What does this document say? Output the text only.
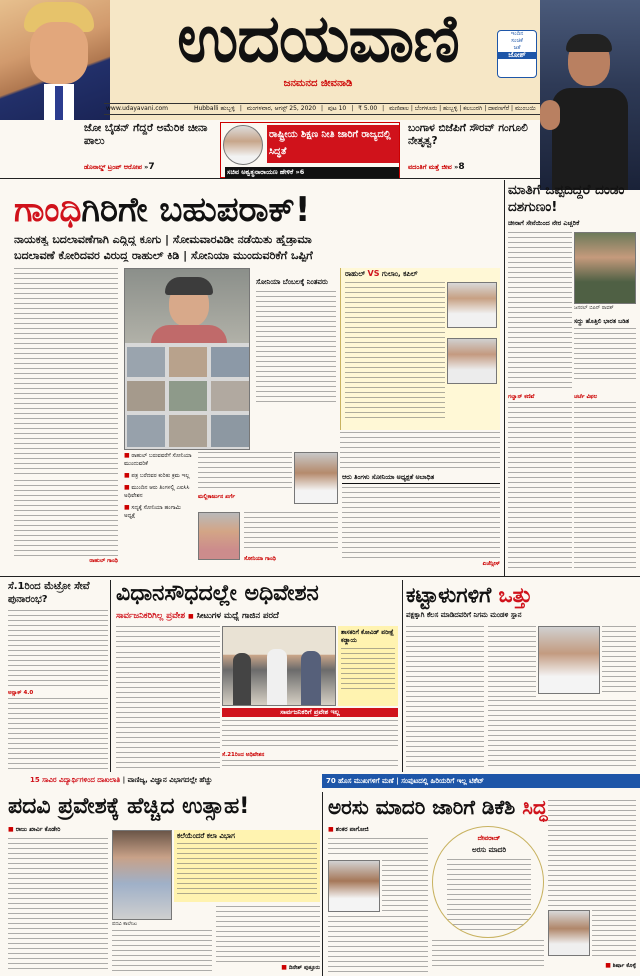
ಉದಯವಾಣಿ
ಜನಮನದ ಜೀವನಾಡಿ
ಇಂದಿನ
ಸಂಚಿಕೆ
ಜತೆ
ಜೋಶ್
www.udayavani.com	Hubballi ಹುಬ್ಬಳ್ಳಿ | ಮಂಗಳವಾರ, ಆಗಸ್ಟ್ 25, 2020 | ಪುಟ 10 | ₹ 5.00 | ಮಣಿಪಾಲ | ಬೆಂಗಳೂರು | ಹುಬ್ಬಳ್ಳಿ | ಕಲಬುರಗಿ | ದಾವಣಗೆರೆ | ಮುಂಬಯಿ
ಜೋ ಬೈಡನ್ ಗೆದ್ದರೆ ಅಮೆರಿಕ ಚೀನಾ ಪಾಲು
ಡೊನಾಲ್ಡ್ ಟ್ರಂಪ್ ಆರೋಪ »7
ರಾಷ್ಟ್ರೀಯ ಶಿಕ್ಷಣ ನೀತಿ ಜಾರಿಗೆ ರಾಜ್ಯದಲ್ಲಿ ಸಿದ್ಧತೆ
ಸಚಿವ ಅಶ್ವತ್ಥನಾರಾಯಣ ಹೇಳಿಕೆ »6
ಬಂಗಾಳ ಬಿಜೆಪಿಗೆ ಸೌರವ್ ಗಂಗೂಲಿ ನೇತೃತ್ವ?
ವದಂತಿಗೆ ಮತ್ತೆ ಜೀವ »8
ಗಾಂಧಿಗಿರಿಗೇ ಬಹುಪರಾಕ್!
ನಾಯಕತ್ವ ಬದಲಾವಣೆಗಾಗಿ ಎದ್ದಿದ್ದ ಕೂಗು | ಸೋಮವಾರವಿಡೀ ನಡೆಯಿತು ಹೈಡ್ರಾಮಾ
ಬದಲಾವಣೆ ಕೋರಿದವರ ವಿರುದ್ಧ ರಾಹುಲ್ ಕಿಡಿ | ಸೋನಿಯಾ ಮುಂದುವರಿಕೆಗೆ ಒಪ್ಪಿಗೆ
ಸೋನಿಯಾ ಬೆಂಬಲಕ್ಕೆ ನಿಂತವರು
ರಾಹುಲ್ VS ಗುಲಾಂ, ಕಪಿಲ್
■ ರಾಹುಲ್ ಬರುವವರೆಗೆ ಸೋನಿಯಾ ಮುಂದುವರಿಕೆ
■ ಪತ್ರ ಬರೆದವರ ಕುರಿತು ಕ್ರಮ ಇಲ್ಲ
■ ಮುಂದಿನ ಆರು ತಿಂಗಳಲ್ಲಿ ಎಐಸಿಸಿ ಅಧಿವೇಶನ
■ ಸದ್ಯಕ್ಕೆ ಸೋನಿಯಾ ಹಂಗಾಮಿ ಅಧ್ಯಕ್ಷೆ
ಮಲ್ಲಿಕಾರ್ಜುನ ಖರ್ಗೆ
ಸೋನಿಯಾ ಗಾಂಧಿ
ರಾಹುಲ್ ಗಾಂಧಿ
ಆರು ತಿಂಗಳು ಸೋನಿಯಾ ಅಧ್ಯಕ್ಷತೆ ಅಬಾಧಿತ
ಏಜೆನ್ಸೀಸ್
ಮಾತಿಗೆ ಒಪ್ಪದಿದ್ದರೆ ದಂಡಂ ದಶಗುಣಂ!
ಚೀನಾಗೆ ಸೇನೆಯಿಂದ ನೇರ ಎಚ್ಚರಿಕೆ
ಜನರಲ್ ಬಿಪಿನ್ ರಾವತ್
ಸದ್ದು ಹೊತ್ತಿಲಿ ಭಾರತ ಬಡಿತ
ಗಲ್ವಾನ್ ಕಣಿವೆ	ಚರ್ಚೆ ವಿಫಲ
ಸೆ.1ರಿಂದ ಮೆಟ್ರೋ ಸೇವೆ ಪುನಾರಂಭ?
ಅನ್ಲಾಕ್ 4.0
ವಿಧಾನಸೌಧದಲ್ಲೇ ಅಧಿವೇಶನ
ಸಾರ್ವಜನಿಕರಿಗಿಲ್ಲ ಪ್ರವೇಶ ■ ಸೀಟುಗಳ ಮಧ್ಯೆ ಗಾಜಿನ ಪರದೆ
ಶಾಸಕರಿಗೆ ಕೋವಿಡ್ ಪರೀಕ್ಷೆ ಕಡ್ಡಾಯ
ಸಾರ್ವಜನಿಕರಿಗೆ ಪ್ರವೇಶ ಇಲ್ಲ
ಸೆ.21ರಿಂದ ಅಧಿವೇಶನ
ಕಟ್ಟಾಳುಗಳಿಗೆ ಒತ್ತು
ಪಕ್ಷಕ್ಕಾಗಿ ಕೆಲಸ ಮಾಡಿದವರಿಗೆ ನಿಗಮ ಮಂಡಳಿ ಸ್ಥಾನ
15 ಸಾವಿರ ವಿದ್ಯಾರ್ಥಿಗಳಿಂದ ದಾಖಲಾತಿ | ವಾಣಿಜ್ಯ, ವಿಜ್ಞಾನ ವಿಭಾಗದಲ್ಲೇ ಹೆಚ್ಚು	70 ಹೊಸ ಮುಖಗಳಿಗೆ ಮಣೆ | ಸಂಪುಟದಲ್ಲಿ ಹಿರಿಯರಿಗೆ ಇಲ್ಲ ಟಿಕೆಟ್
ಪದವಿ ಪ್ರವೇಶಕ್ಕೆ ಹೆಚ್ಚಿದ ಉತ್ಸಾಹ!
■ ರಾಜು ಖಾರ್ವಿ ಕೊಡೇರಿ
ಪದವಿ ಕಾಲೇಜು
ಕಲೆಯೆಂದರೆ ಕಲಾ ವಿಭಾಗ
■ ದಿನೇಶ್ ಪುತ್ತೂರು
ಅರಸು ಮಾದರಿ ಜಾರಿಗೆ ಡಿಕೆಶಿ ಸಿದ್ಧ
■ ಶಂಕರ ಪಾಗೋಜಿ
ದೇವರಾಜ್
ಅರಸು ಮಾದರಿ
■ ಶಿರ್ಷಾ ಕೊಳ್ಳೆ
